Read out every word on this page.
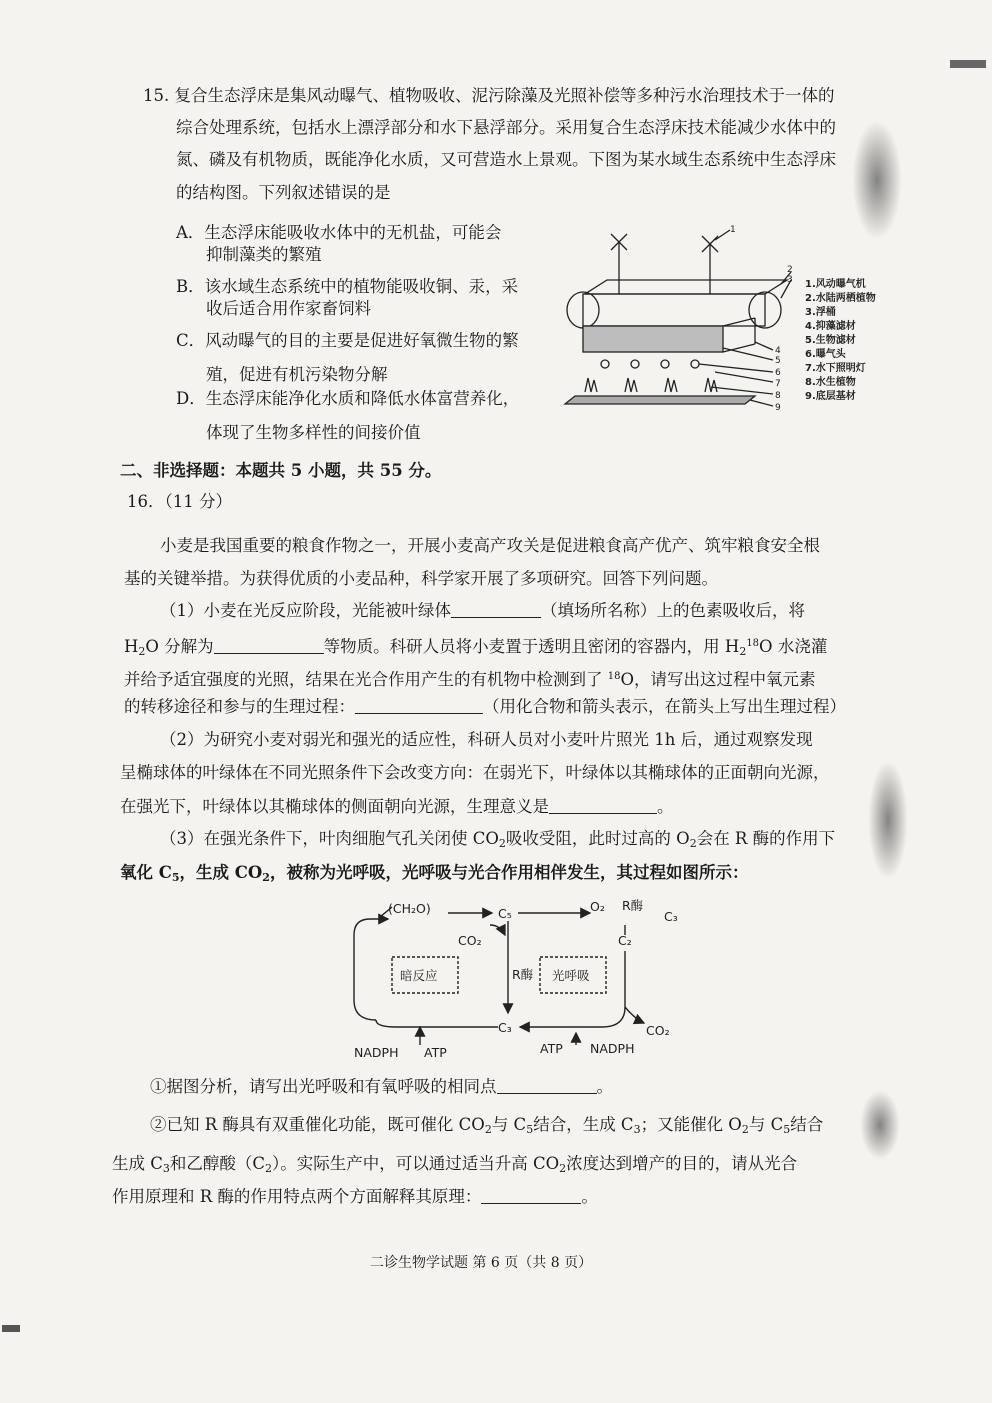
15. 复合生态浮床是集风动曝气、植物吸收、泥污除藻及光照补偿等多种污水治理技术于一体的
综合处理系统，包括水上漂浮部分和水下悬浮部分。采用复合生态浮床技术能减少水体中的
氮、磷及有机物质，既能净化水质，又可营造水上景观。下图为某水域生态系统中生态浮床
的结构图。下列叙述错误的是
A．生态浮床能吸收水体中的无机盐，可能会
抑制藻类的繁殖
B．该水域生态系统中的植物能吸收铜、汞，采
收后适合用作家畜饲料
C．风动曝气的目的主要是促进好氧微生物的繁
殖，促进有机污染物分解
D．生态浮床能净化水质和降低水体富营养化，
体现了生物多样性的间接价值
1
2
3
4
5
6
7
8
9
1.风动曝气机
2.水陆两栖植物
3.浮桶
4.抑藻滤材
5.生物滤材
6.曝气头
7.水下照明灯
8.水生植物
9.底层基材
二、非选择题：本题共 5 小题，共 55 分。
16．（11 分）
小麦是我国重要的粮食作物之一，开展小麦高产攻关是促进粮食高产优产、筑牢粮食安全根
基的关键举措。为获得优质的小麦品种，科学家开展了多项研究。回答下列问题。
（1）小麦在光反应阶段，光能被叶绿体	（填场所名称）上的色素吸收后，将
$H_2O$ 分解为	等物质。科研人员将小麦置于透明且密闭的容器内，用 $H_2^{18}O$ 水浇灌
并给予适宜强度的光照，结果在光合作用产生的有机物中检测到了 $^{18}$O，请写出这过程中氧元素
的转移途径和参与的生理过程：	（用化合物和箭头表示，在箭头上写出生理过程）
（2）为研究小麦对弱光和强光的适应性，科研人员对小麦叶片照光 1h 后，通过观察发现
呈椭球体的叶绿体在不同光照条件下会改变方向：在弱光下，叶绿体以其椭球体的正面朝向光源，
在强光下，叶绿体以其椭球体的侧面朝向光源，生理意义是	。
（3）在强光条件下，叶肉细胞气孔关闭使 $CO_2$吸收受阻，此时过高的 $O_2$会在 R 酶的作用下
氧化 $C_5$，生成 $CO_2$，被称为光呼吸，光呼吸与光合作用相伴发生，其过程如图所示：
(CH₂O)	C₅	O₂ R酶
C₃
C₂
CO₂
暗反应	R酶 光呼吸
C₃	CO₂
NADPH ATP	ATP NADPH
①据图分析，请写出光呼吸和有氧呼吸的相同点	。
②已知 R 酶具有双重催化功能，既可催化 $CO_2$与 $C_5$结合，生成 $C_3$；又能催化 $O_2$与 $C_5$结合
生成 $C_3$和乙醇酸$(C_2)$。实际生产中，可以通过适当升高 $CO_2$浓度达到增产的目的，请从光合
作用原理和 R 酶的作用特点两个方面解释其原理：	。
二诊生物学试题 第 6 页（共 8 页）
